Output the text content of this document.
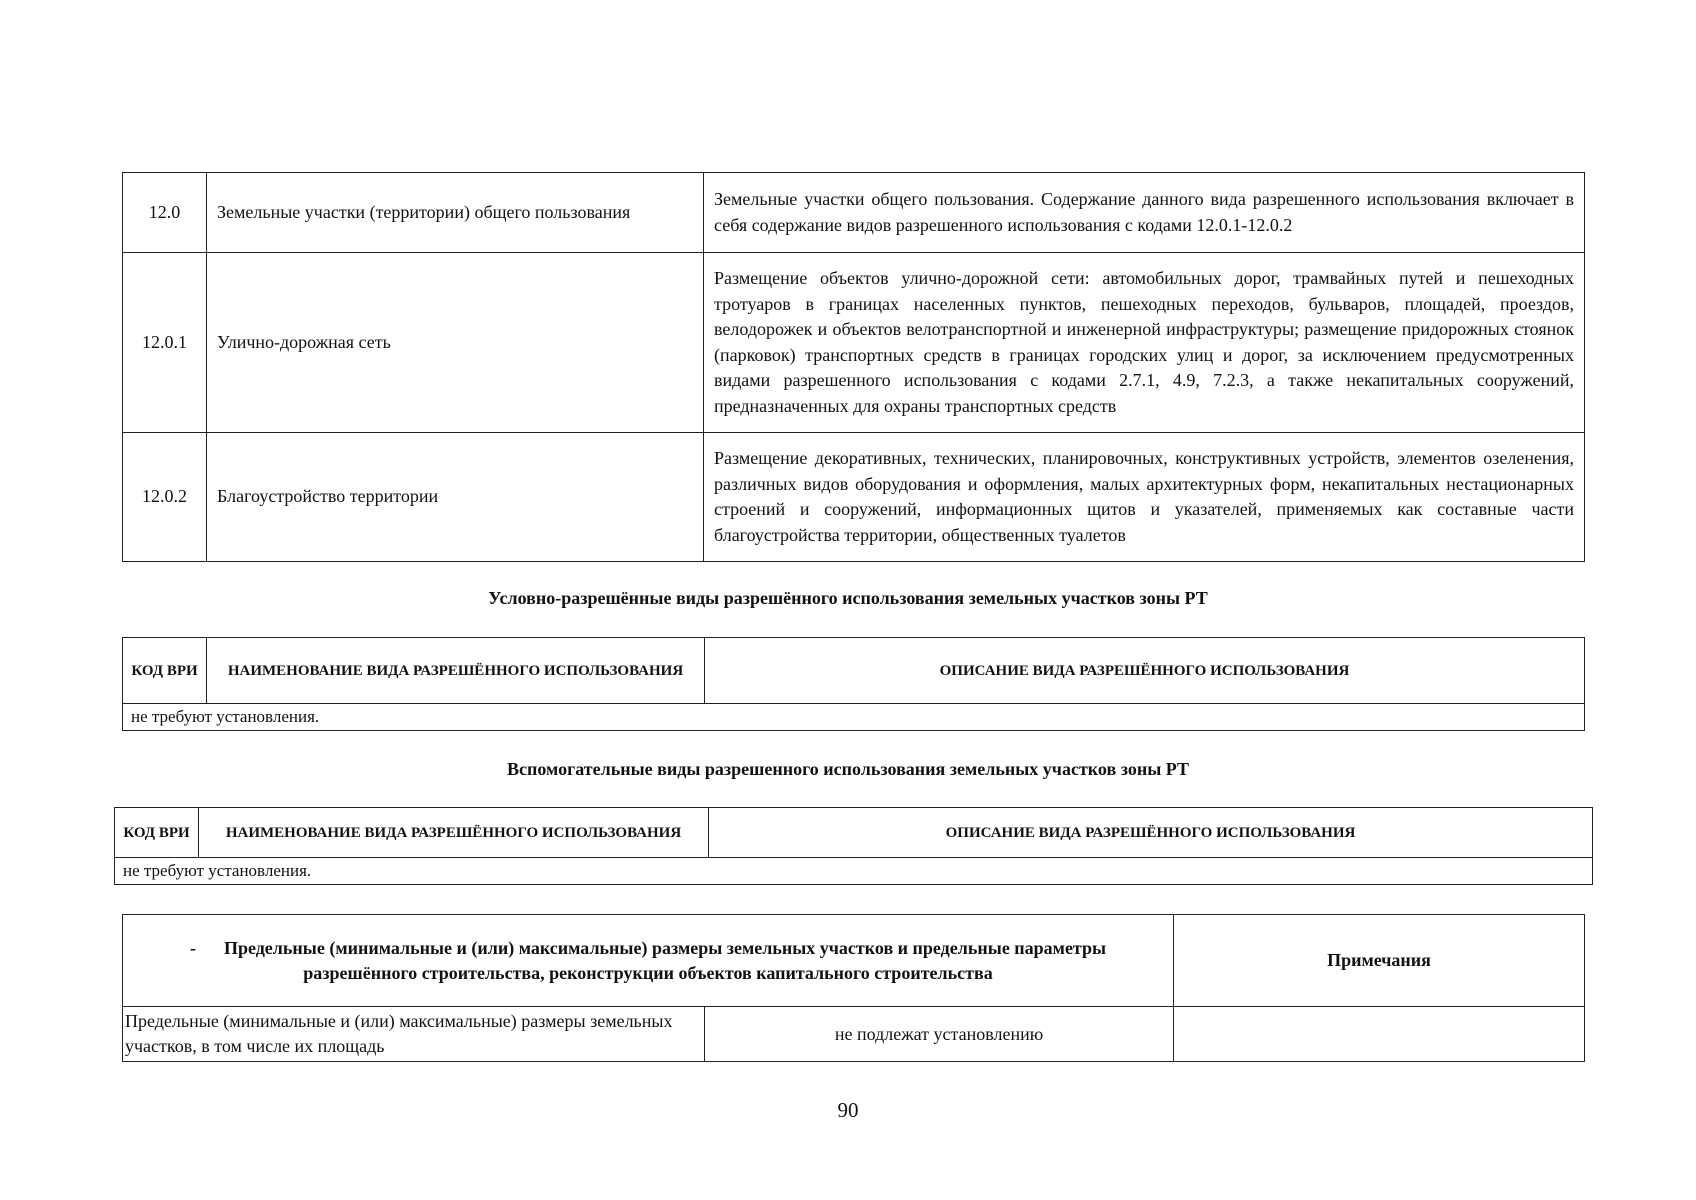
12.0	Земельные участки (территории) общего пользования	Земельные участки общего пользования. Содержание данного вида разрешенного использования включает в себя содержание видов разрешенного использования с кодами 12.0.1-12.0.2
12.0.1	Улично-дорожная сеть	Размещение объектов улично-дорожной сети: автомобильных дорог, трамвайных путей и пешеходных тротуаров в границах населенных пунктов, пешеходных переходов, бульваров, площадей, проездов, велодорожек и объектов велотранспортной и инженерной инфраструктуры; размещение придорожных стоянок (парковок) транспортных средств в границах городских улиц и дорог, за исключением предусмотренных видами разрешенного использования с кодами 2.7.1, 4.9, 7.2.3, а также некапитальных сооружений, предназначенных для охраны транспортных средств
12.0.2	Благоустройство территории	Размещение декоративных, технических, планировочных, конструктивных устройств, элементов озеленения, различных видов оборудования и оформления, малых архитектурных форм, некапитальных нестационарных строений и сооружений, информационных щитов и указателей, применяемых как составные части благоустройства территории, общественных туалетов
Условно-разрешённые виды разрешённого использования земельных участков зоны РТ
КОД ВРИ	НАИМЕНОВАНИЕ ВИДА РАЗРЕШЁННОГО ИСПОЛЬЗОВАНИЯ	ОПИСАНИЕ ВИДА РАЗРЕШЁННОГО ИСПОЛЬЗОВАНИЯ
не требуют установления.
Вспомогательные виды разрешенного использования земельных участков зоны РТ
КОД ВРИ	НАИМЕНОВАНИЕ ВИДА РАЗРЕШЁННОГО ИСПОЛЬЗОВАНИЯ	ОПИСАНИЕ ВИДА РАЗРЕШЁННОГО ИСПОЛЬЗОВАНИЯ
не требуют установления.
- Предельные (минимальные и (или) максимальные) размеры земельных участков и предельные параметры разрешённого строительства, реконструкции объектов капитального строительства		Примечания
Предельные (минимальные и (или) максимальные) размеры земельных участков, в том числе их площадь	не подлежат установлению	
90
